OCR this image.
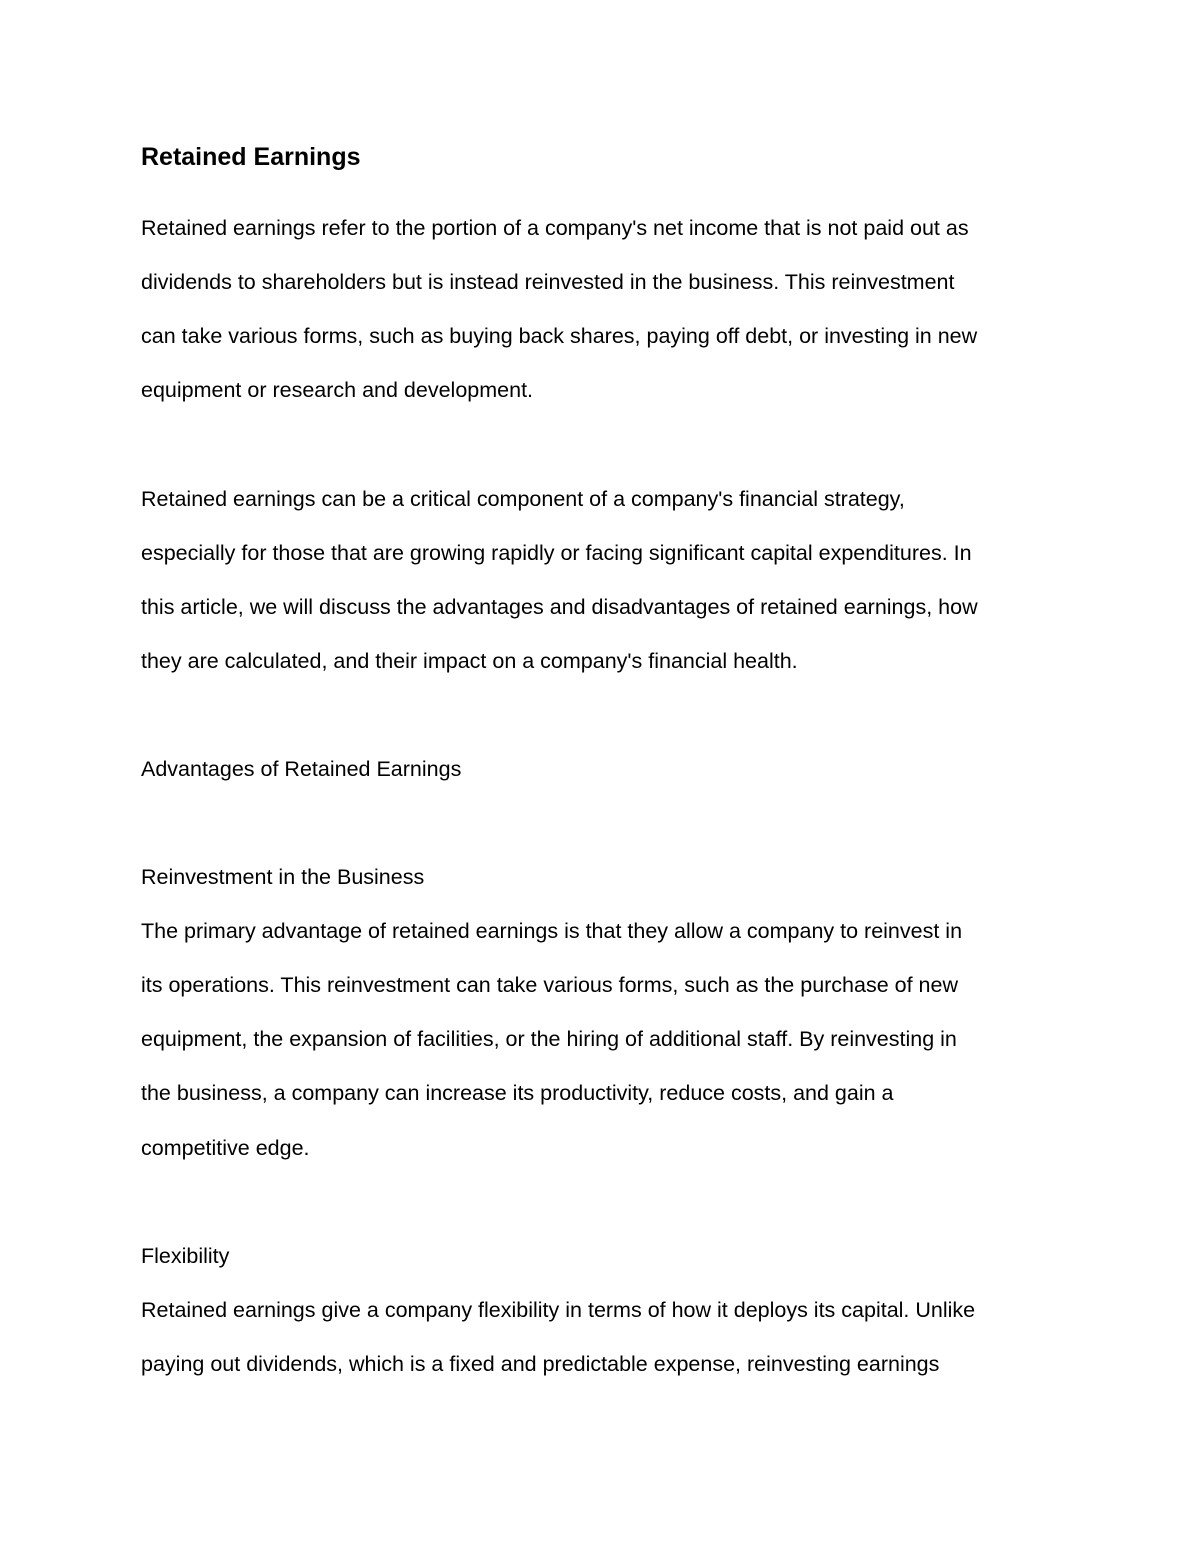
Retained Earnings

Retained earnings refer to the portion of a company's net income that is not paid out as

dividends to shareholders but is instead reinvested in the business. This reinvestment

can take various forms, such as buying back shares, paying off debt, or investing in new

equipment or research and development.

Retained earnings can be a critical component of a company's financial strategy,

especially for those that are growing rapidly or facing significant capital expenditures. In

this article, we will discuss the advantages and disadvantages of retained earnings, how

they are calculated, and their impact on a company's financial health.

Advantages of Retained Earnings

Reinvestment in the Business

The primary advantage of retained earnings is that they allow a company to reinvest in

its operations. This reinvestment can take various forms, such as the purchase of new

equipment, the expansion of facilities, or the hiring of additional staff. By reinvesting in

the business, a company can increase its productivity, reduce costs, and gain a

competitive edge.

Flexibility

Retained earnings give a company flexibility in terms of how it deploys its capital. Unlike

paying out dividends, which is a fixed and predictable expense, reinvesting earnings
